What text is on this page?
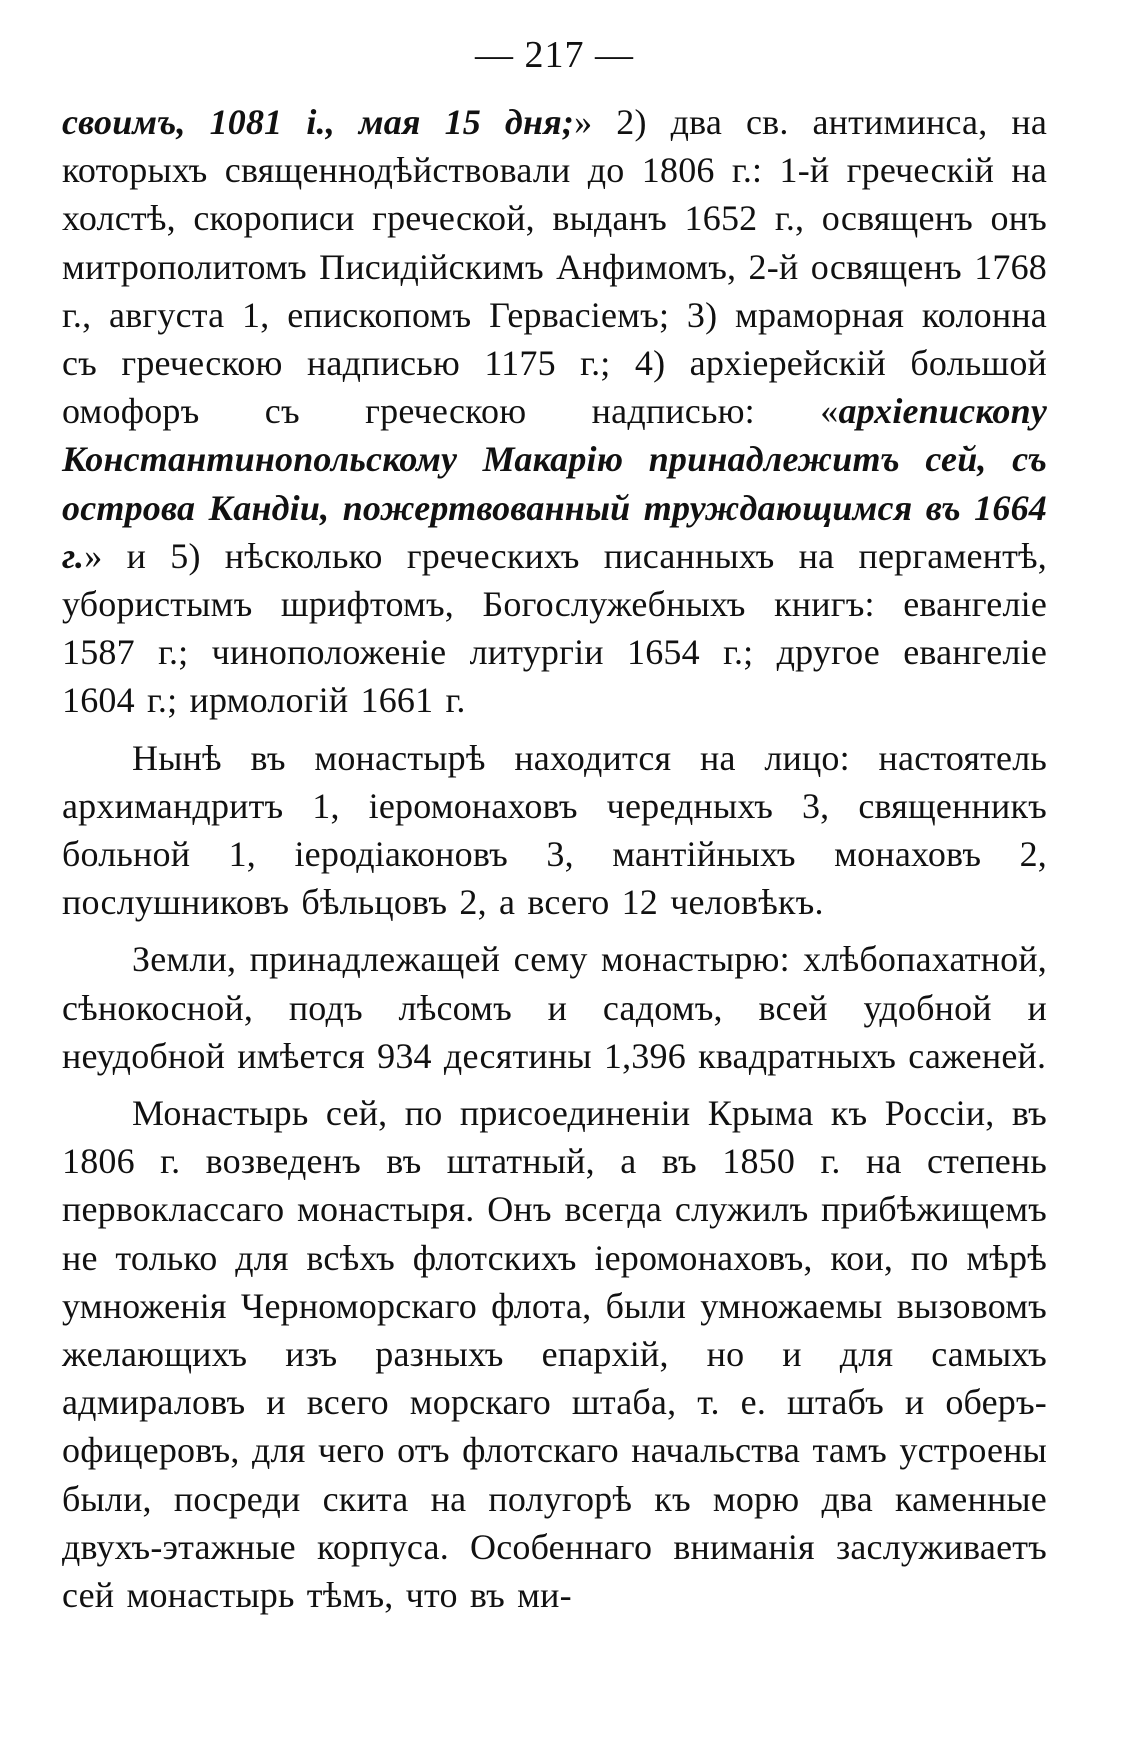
— 217 —

своимъ, 1081 і., мая 15 дня;» 2) два св. антиминса, на которыхъ священнодѣйствовали до 1806 г.: 1-й греческій на холстѣ, скорописи греческой, выданъ 1652 г., освященъ онъ митрополитомъ Писидійскимъ Анфимомъ, 2-й освященъ 1768 г., августа 1, епископомъ Гервасіемъ; 3) мраморная колонна съ греческою надписью 1175 г.; 4) архіерейскій большой омофоръ съ греческою надписью: «архіепископу Константинопольскому Макарію принадлежитъ сей, съ острова Кандіи, пожертвованный труждающимся въ 1664 г.» и 5) нѣсколько греческихъ писанныхъ на пергаментѣ, убористымъ шрифтомъ, Богослужебныхъ книгъ: евангеліе 1587 г.; чиноположеніе литургіи 1654 г.; другое евангеліе 1604 г.; ирмологій 1661 г.

Нынѣ въ монастырѣ находится на лицо: настоятель архимандритъ 1, іеромонаховъ чередныхъ 3, священникъ больной 1, іеродіаконовъ 3, мантійныхъ монаховъ 2, послушниковъ бѣльцовъ 2, а всего 12 человѣкъ.

Земли, принадлежащей сему монастырю: хлѣбопахатной, сѣнокосной, подъ лѣсомъ и садомъ, всей удобной и неудобной имѣется 934 десятины 1,396 квадратныхъ саженей.

Монастырь сей, по присоединеніи Крыма къ Россіи, въ 1806 г. возведенъ въ штатный, а въ 1850 г. на степень первоклассаго монастыря. Онъ всегда служилъ прибѣжищемъ не только для всѣхъ флотскихъ іеромонаховъ, кои, по мѣрѣ умноженія Черноморскаго флота, были умножаемы вызовомъ желающихъ изъ разныхъ епархій, но и для самыхъ адмираловъ и всего морскаго штаба, т. е. штабъ и оберъ-офицеровъ, для чего отъ флотскаго начальства тамъ устроены были, посреди скита на полугорѣ къ морю два каменные двухъ-этажные корпуса. Особеннаго вниманія заслуживаетъ сей монастырь тѣмъ, что въ ми-
